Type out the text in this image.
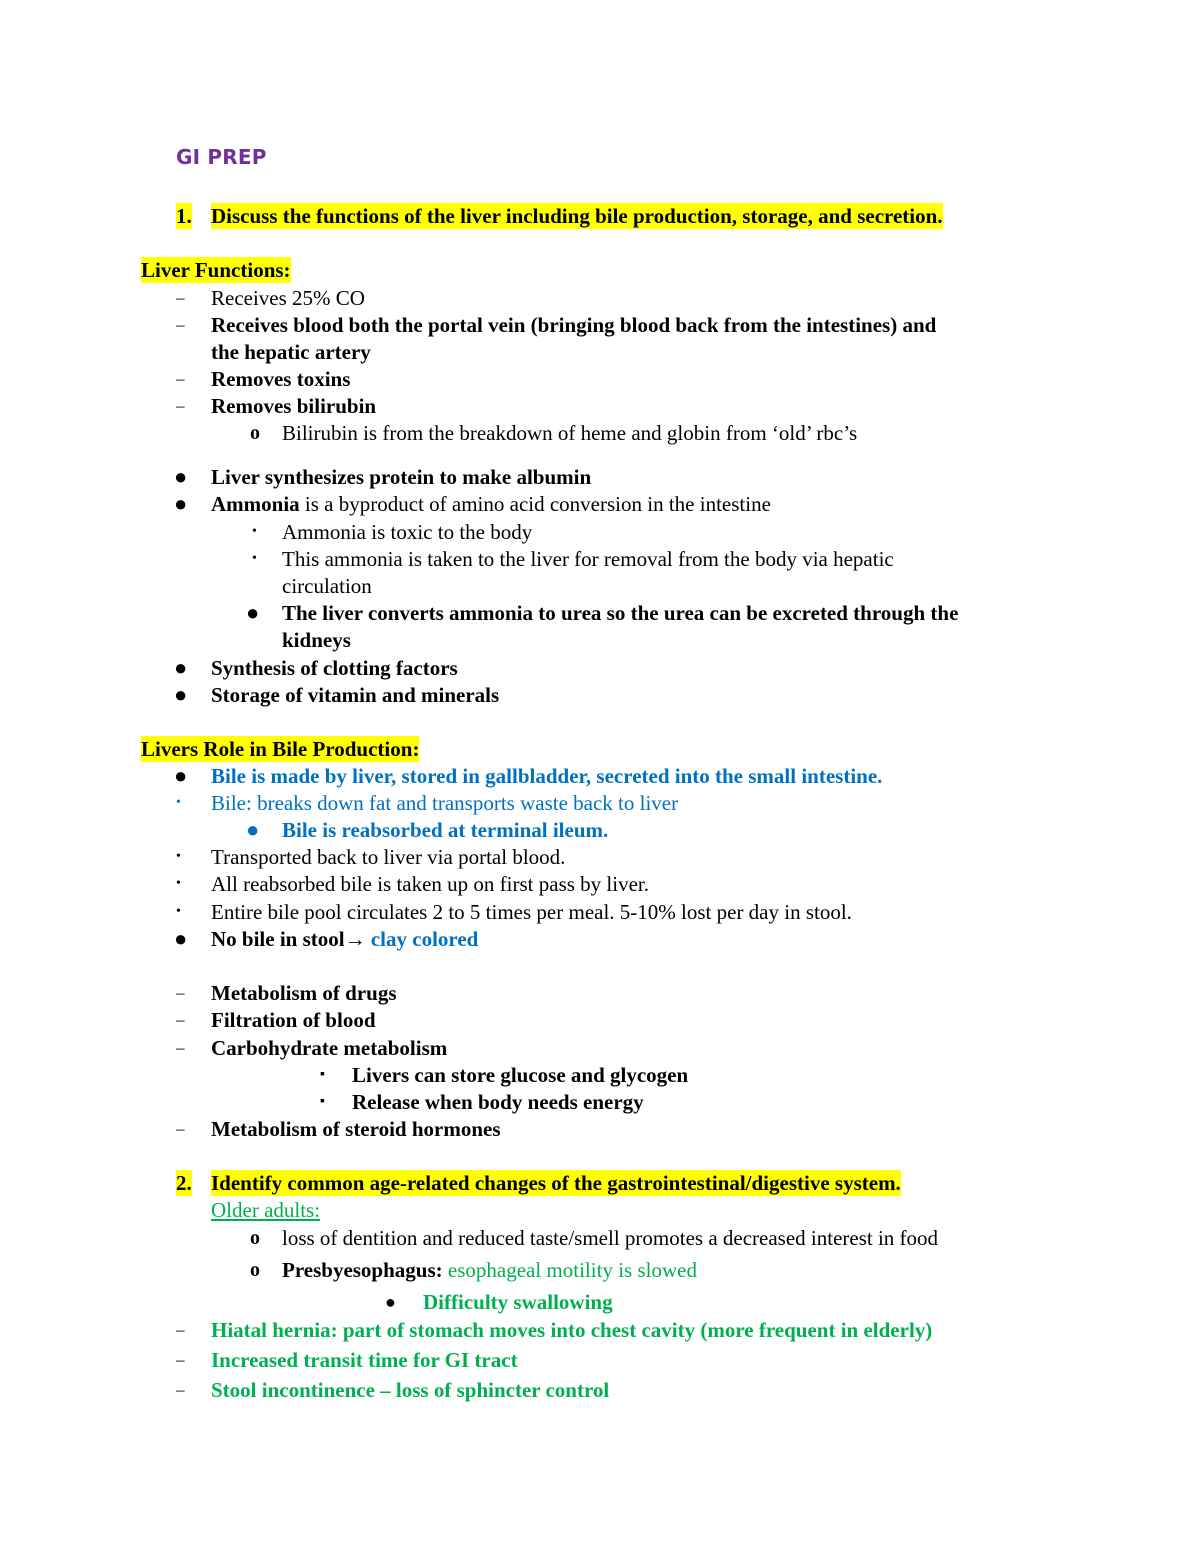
GI PREP
1. Discuss the functions of the liver including bile production, storage, and secretion.
Liver Functions:
– Receives 25% CO
– Receives blood both the portal vein (bringing blood back from the intestines) and
the hepatic artery
– Removes toxins
– Removes bilirubin
o Bilirubin is from the breakdown of heme and globin from ‘old’ rbc’s
● Liver synthesizes protein to make albumin
● Ammonia is a byproduct of amino acid conversion in the intestine
• Ammonia is toxic to the body
• This ammonia is taken to the liver for removal from the body via hepatic
circulation
● The liver converts ammonia to urea so the urea can be excreted through the
kidneys
● Synthesis of clotting factors
● Storage of vitamin and minerals
Livers Role in Bile Production:
● Bile is made by liver, stored in gallbladder, secreted into the small intestine.
• Bile: breaks down fat and transports waste back to liver
● Bile is reabsorbed at terminal ileum.
• Transported back to liver via portal blood.
• All reabsorbed bile is taken up on first pass by liver.
• Entire bile pool circulates 2 to 5 times per meal. 5-10% lost per day in stool.
● No bile in stool→ clay colored
– Metabolism of drugs
– Filtration of blood
– Carbohydrate metabolism
▪ Livers can store glucose and glycogen
▪ Release when body needs energy
– Metabolism of steroid hormones
2. Identify common age-related changes of the gastrointestinal/digestive system.
Older adults:
o loss of dentition and reduced taste/smell promotes a decreased interest in food
o Presbyesophagus: esophageal motility is slowed
● Difficulty swallowing
– Hiatal hernia: part of stomach moves into chest cavity (more frequent in elderly)
– Increased transit time for GI tract
– Stool incontinence – loss of sphincter control
